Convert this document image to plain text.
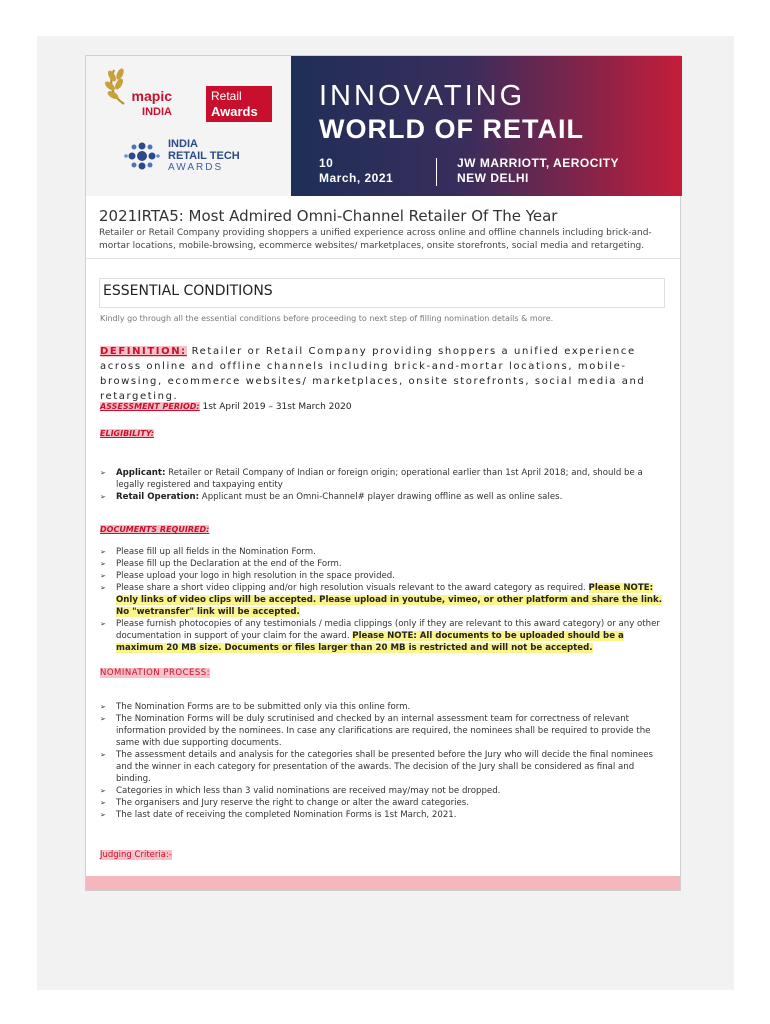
mapic
INDIA
Retail
Awards
INDIA
RETAIL TECH
AWARDS
INNOVATING
WORLD OF RETAIL
10
March, 2021
JW MARRIOTT, AEROCITY
NEW DELHI
2021IRTA5: Most Admired Omni-Channel Retailer Of The Year
Retailer or Retail Company providing shoppers a unified experience across online and offline channels including brick-and-mortar locations, mobile-browsing, ecommerce websites/ marketplaces, onsite storefronts, social media and retargeting.
ESSENTIAL CONDITIONS
Kindly go through all the essential conditions before proceeding to next step of filling nomination details & more.
DEFINITION: Retailer or Retail Company providing shoppers a unified experience across online and offline channels including brick-and-mortar locations, mobile-browsing, ecommerce websites/ marketplaces, onsite storefronts, social media and retargeting.
ASSESSMENT PERIOD: 1st April 2019 – 31st March 2020
ELIGIBILITY:
➢ Applicant: Retailer or Retail Company of Indian or foreign origin; operational earlier than 1st April 2018; and, should be a legally registered and taxpaying entity
➢ Retail Operation: Applicant must be an Omni-Channel# player drawing offline as well as online sales.
DOCUMENTS REQUIRED:
➢ Please fill up all fields in the Nomination Form.
➢ Please fill up the Declaration at the end of the Form.
➢ Please upload your logo in high resolution in the space provided.
➢ Please share a short video clipping and/or high resolution visuals relevant to the award category as required. Please NOTE: Only links of video clips will be accepted. Please upload in youtube, vimeo, or other platform and share the link. No "wetransfer" link will be accepted.
➢ Please furnish photocopies of any testimonials / media clippings (only if they are relevant to this award category) or any other documentation in support of your claim for the award. Please NOTE: All documents to be uploaded should be a maximum 20 MB size. Documents or files larger than 20 MB is restricted and will not be accepted.
NOMINATION PROCESS:
➢ The Nomination Forms are to be submitted only via this online form.
➢ The Nomination Forms will be duly scrutinised and checked by an internal assessment team for correctness of relevant information provided by the nominees. In case any clarifications are required, the nominees shall be required to provide the same with due supporting documents.
➢ The assessment details and analysis for the categories shall be presented before the Jury who will decide the final nominees and the winner in each category for presentation of the awards. The decision of the Jury shall be considered as final and binding.
➢ Categories in which less than 3 valid nominations are received may/may not be dropped.
➢ The organisers and Jury reserve the right to change or alter the award categories.
➢ The last date of receiving the completed Nomination Forms is 1st March, 2021.
Judging Criteria:-
